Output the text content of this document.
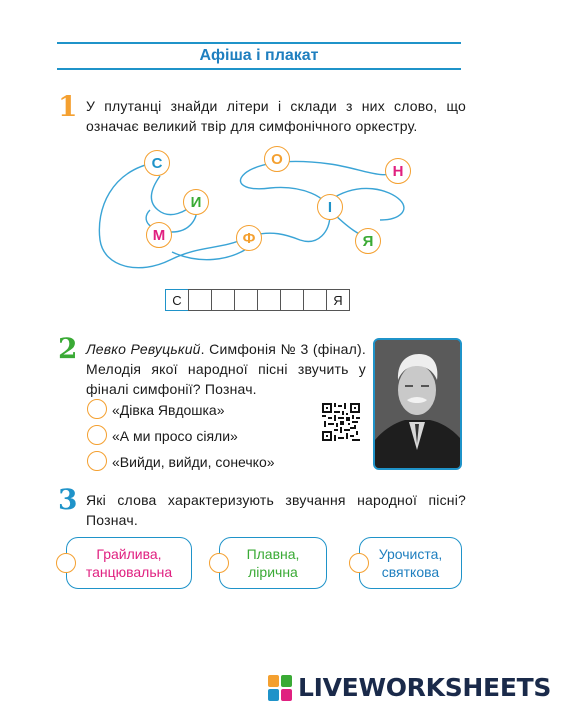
Афіша і плакат
1 У плутанці знайди літери і склади з них слово, що означає великий твір для симфонічного оркестру.
С	О
Н
И	І
М	Ф	Я
С	Я
2 Левко Ревуцький. Симфонія № 3 (фінал). Мелодія якої народної пісні звучить у фіналі симфонії? Познач.
«Дівка Явдошка»
«А ми просо сіяли»
«Вийди, вийди, сонечко»
3 Які слова характеризують звучання народної пісні? Познач.
Грайлива, танцювальна
Плавна, ліричнa
Урочиста, святкова
LIVEWORKSHEETS
